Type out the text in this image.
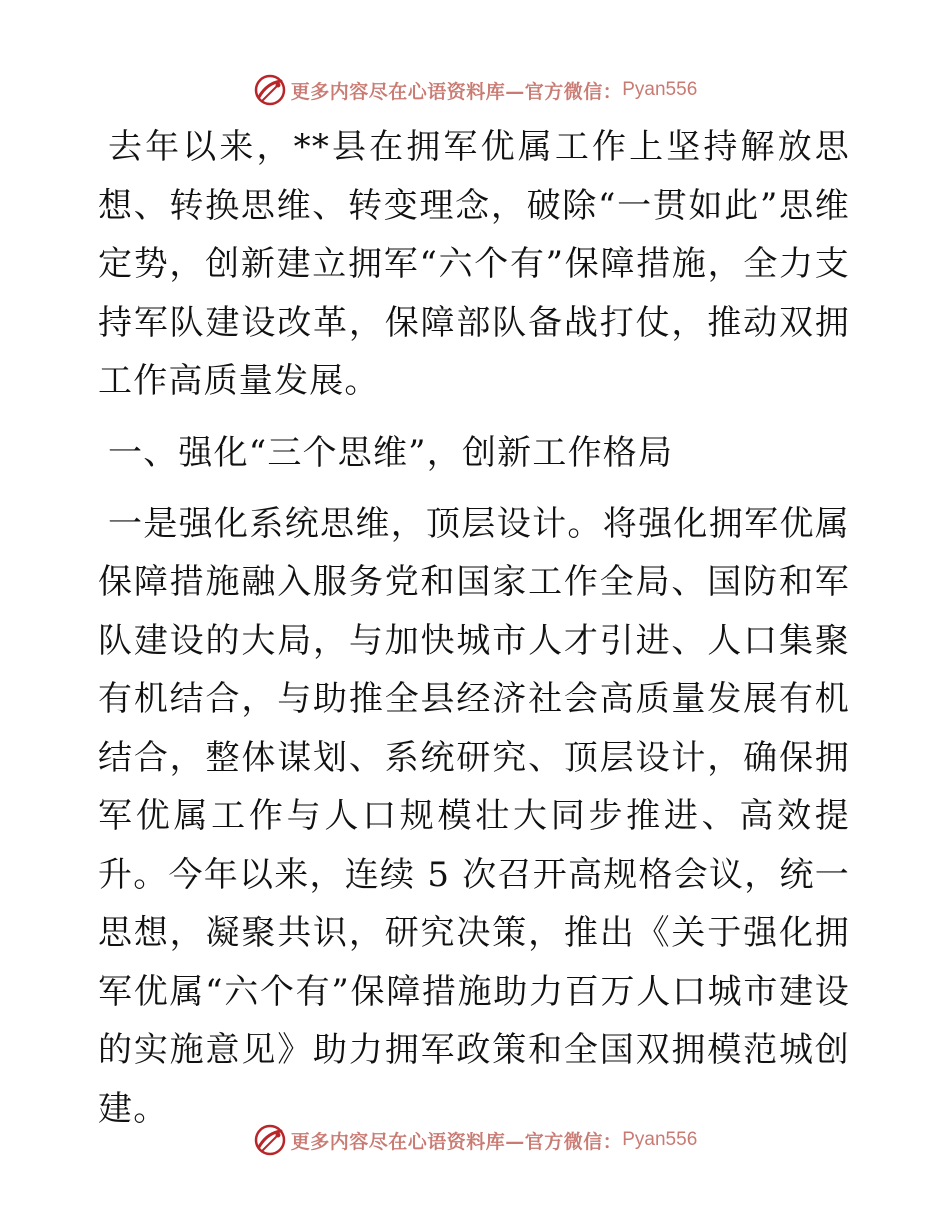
更多内容尽在心语资料库—官方微信： Pyan556

去年以来，**县在拥军优属工作上坚持解放思想、转换思维、转变理念，破除“一贯如此”思维定势，创新建立拥军“六个有”保障措施，全力支持军队建设改革，保障部队备战打仗，推动双拥工作高质量发展。

一、强化“三个思维”，创新工作格局

一是强化系统思维，顶层设计。将强化拥军优属保障措施融入服务党和国家工作全局、国防和军队建设的大局，与加快城市人才引进、人口集聚有机结合，与助推全县经济社会高质量发展有机结合，整体谋划、系统研究、顶层设计，确保拥军优属工作与人口规模壮大同步推进、高效提升。今年以来，连续 5 次召开高规格会议，统一思想，凝聚共识，研究决策，推出《关于强化拥军优属“六个有”保障措施助力百万人口城市建设的实施意见》助力拥军政策和全国双拥模范城创建。

更多内容尽在心语资料库—官方微信： Pyan556
